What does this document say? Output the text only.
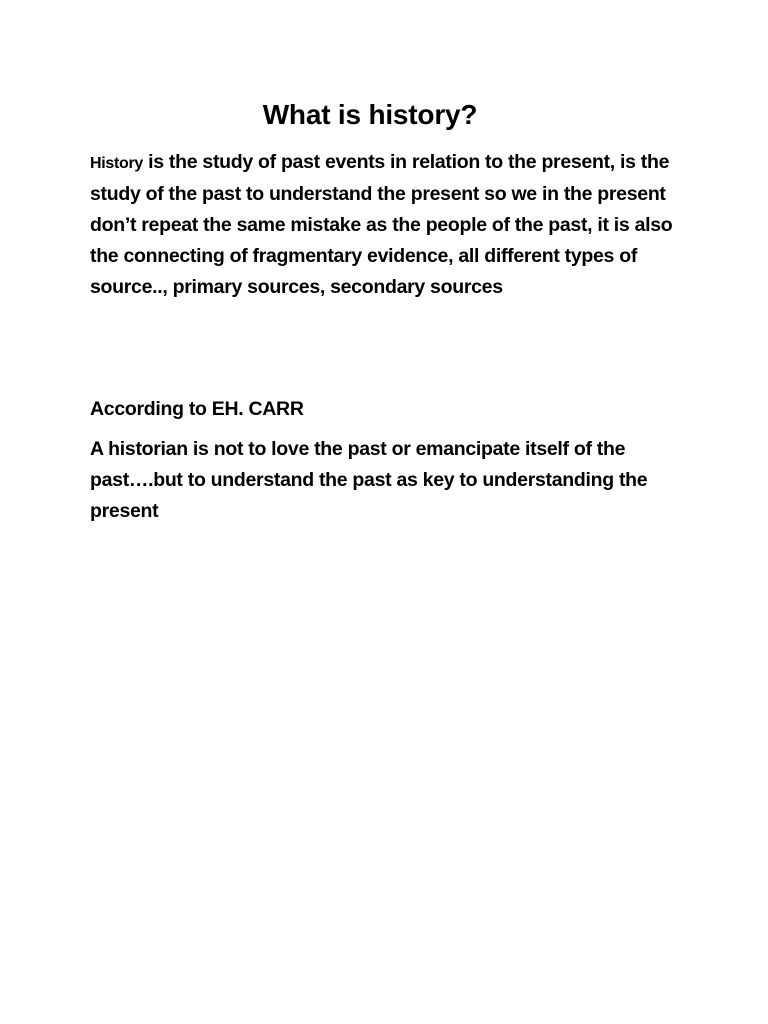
What is history?
History is the study of past events in relation to the present, is the study of the past to understand the present so we in the present don’t repeat the same mistake as the people of the past, it is also the connecting of fragmentary evidence, all different types of source.., primary sources, secondary sources
According to EH. CARR
A historian is not to love the past or emancipate itself of the past….but to understand the past as key to understanding the present
